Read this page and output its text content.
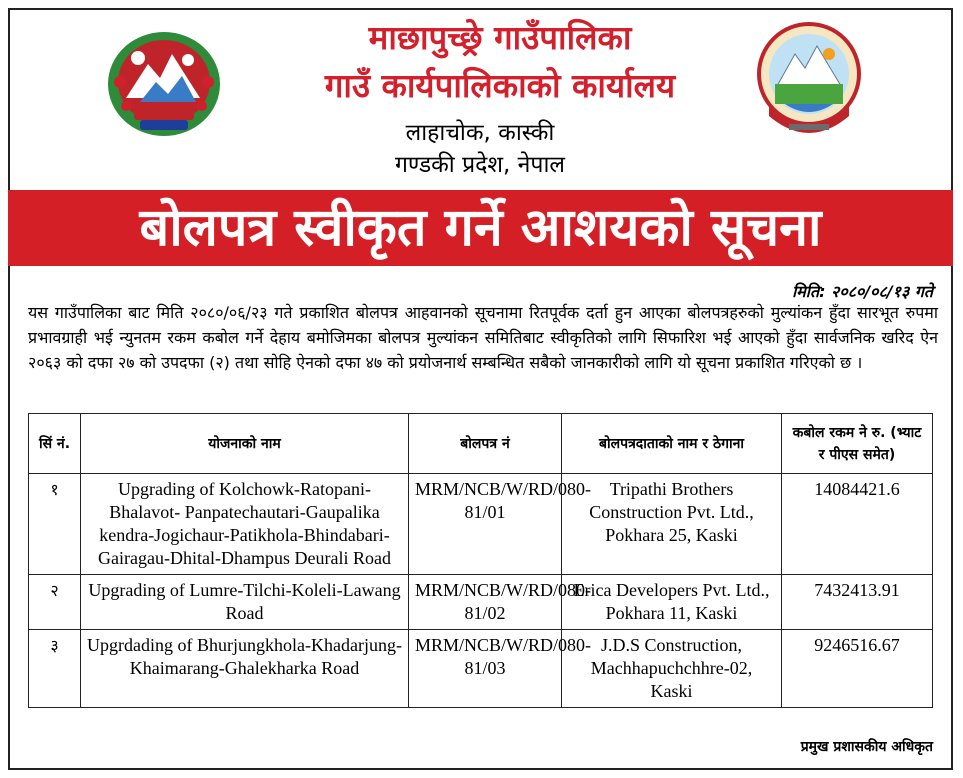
माछापुच्छ्रे गाउँपालिका
गाउँ कार्यपालिकाको कार्यालय
लाहाचोक, कास्की
गण्डकी प्रदेश, नेपाल
बोलपत्र स्वीकृत गर्ने आशयको सूचना
मिति: २०८०/०८/१३ गते
यस गाउँपालिका बाट मिति २०८०/०६/२३ गते प्रकाशित बोलपत्र आहवानको सूचनामा रितपूर्वक दर्ता हुन आएका बोलपत्रहरुको मुल्यांकन हुँदा सारभूत रुपमा प्रभावग्राही भई न्युनतम रकम कबोल गर्ने देहाय बमोजिमका बोलपत्र मुल्यांकन समितिबाट स्वीकृतिको लागि सिफारिश भई आएको हुँदा सार्वजनिक खरिद ऐन २०६३ को दफा २७ को उपदफा (२) तथा सोहि ऐनको दफा ४७ को प्रयोजनार्थ सम्बन्धित सबैको जानकारीको लागि यो सूचना प्रकाशित गरिएको छ ।
सिं नं.	योजनाको नाम	बोलपत्र नं	बोलपत्रदाताको नाम र ठेगाना	कबोल रकम ने रु. (भ्याट र पीएस समेत)
१	Upgrading of Kolchowk-Ratopani-Bhalavot- Panpatechautari-Gaupalika kendra-Jogichaur-Patikhola-Bhindabari-Gairagau-Dhital-Dhampus Deurali Road	MRM/NCB/W/RD/080-81/01	Tripathi Brothers Construction Pvt. Ltd., Pokhara 25, Kaski	14084421.6
२	Upgrading of Lumre-Tilchi-Koleli-Lawang Road	MRM/NCB/W/RD/080-81/02	Erica Developers Pvt. Ltd., Pokhara 11, Kaski	7432413.91
३	Upgrdading of Bhurjungkhola-Khadarjung- Khaimarang-Ghalekharka Road	MRM/NCB/W/RD/080-81/03	J.D.S Construction, Machhapuchchhre-02, Kaski	9246516.67
प्रमुख प्रशासकीय अधिकृत
